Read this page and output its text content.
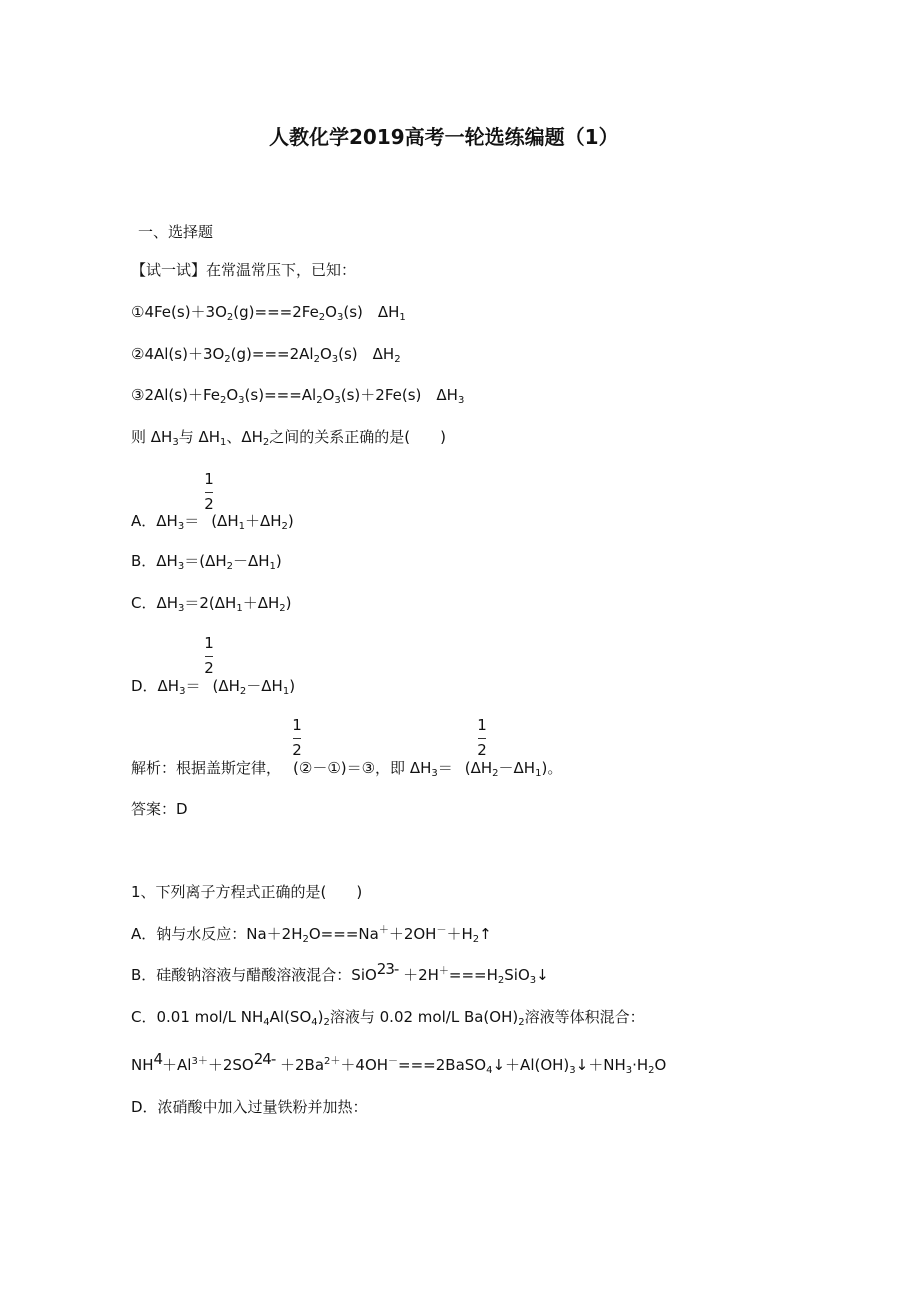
人教化学2019高考一轮选练编题（1）
一、选择题
【试一试】在常温常压下，已知：
$①4Fe(s)+3O_2(g)===2Fe_2O_3(s)$　$\Delta H_1$
$②4Al(s)+3O_2(g)===2Al_2O_3(s)$　$\Delta H_2$
$③2Al(s)+Fe_2O_3(s)===Al_2O_3(s)+2Fe(s)$　$\Delta H_3$
则 $\Delta H_3$与 $\Delta H_1$、$\Delta H_2$之间的关系正确的是(　　)
1
2
A．$\Delta H_3= (\Delta H_1+\Delta H_2)$
B．$\Delta H_3=(\Delta H_2-\Delta H_1)$
C．$\Delta H_3=2(\Delta H_1+\Delta H_2)$
1
2
D．$\Delta H_3= (\Delta H_2-\Delta H_1)$
1
2
1
2
解析：根据盖斯定律， (②－①)＝③，即 $\Delta H_3= (\Delta H_2-\Delta H_1)$。
答案：D
1、下列离子方程式正确的是(　　)
A．钠与水反应：$Na+2H_2O===Na^++2OH^-+H_2↑$
B．硅酸钠溶液与醋酸溶液混合：$SiO23- +2H^+===H_2SiO_3↓$
C．0.01 mol/L $NH_4Al(SO_4)_2$溶液与 0.02 mol/L $Ba(OH)_2$溶液等体积混合：
$NH4+Al^{3+}+2SO24-$ $+2Ba^{2+}+4OH^-===2BaSO_4↓+Al(OH)_3↓+NH_3\cdot H_2O$
D．浓硝酸中加入过量铁粉并加热：
